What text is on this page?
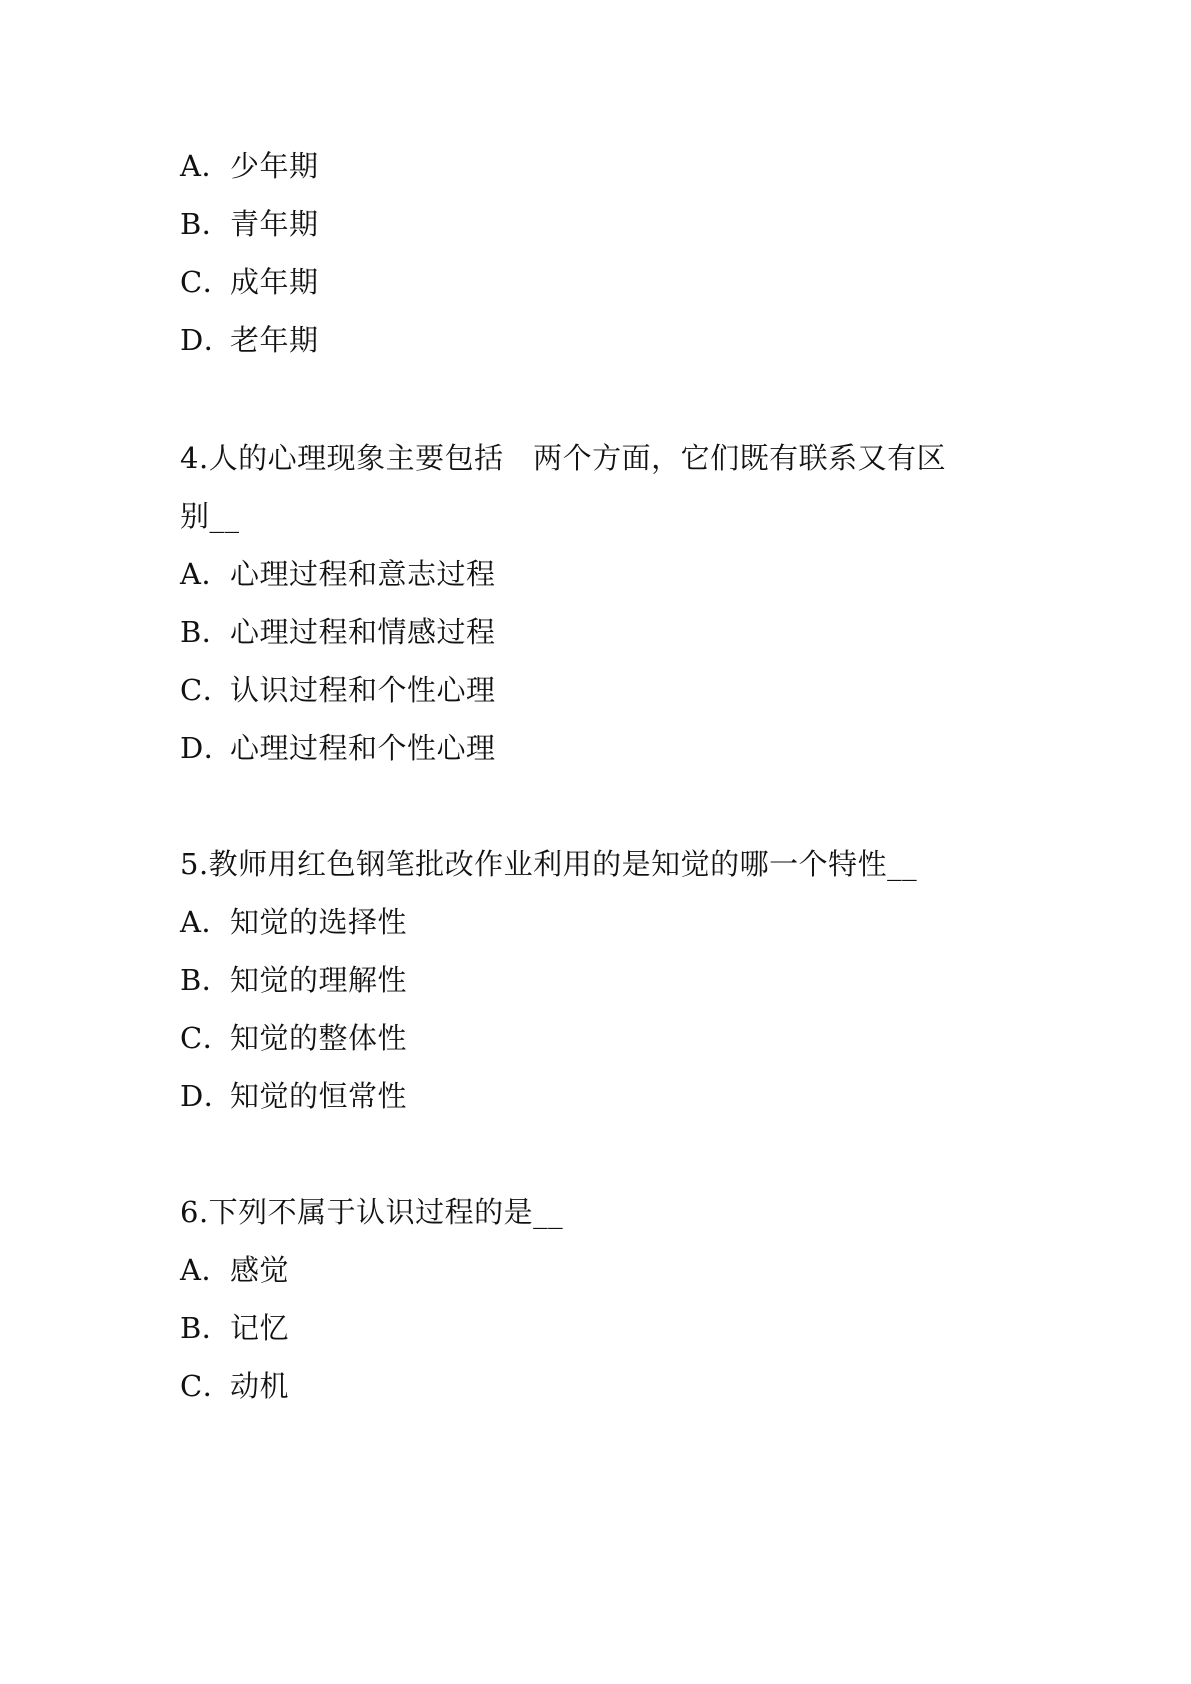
A．少年期
B．青年期
C．成年期
D．老年期
4.人的心理现象主要包括　两个方面，它们既有联系又有区
别__
A．心理过程和意志过程
B．心理过程和情感过程
C．认识过程和个性心理
D．心理过程和个性心理
5.教师用红色钢笔批改作业利用的是知觉的哪一个特性__
A．知觉的选择性
B．知觉的理解性
C．知觉的整体性
D．知觉的恒常性
6.下列不属于认识过程的是__
A．感觉
B．记忆
C．动机
